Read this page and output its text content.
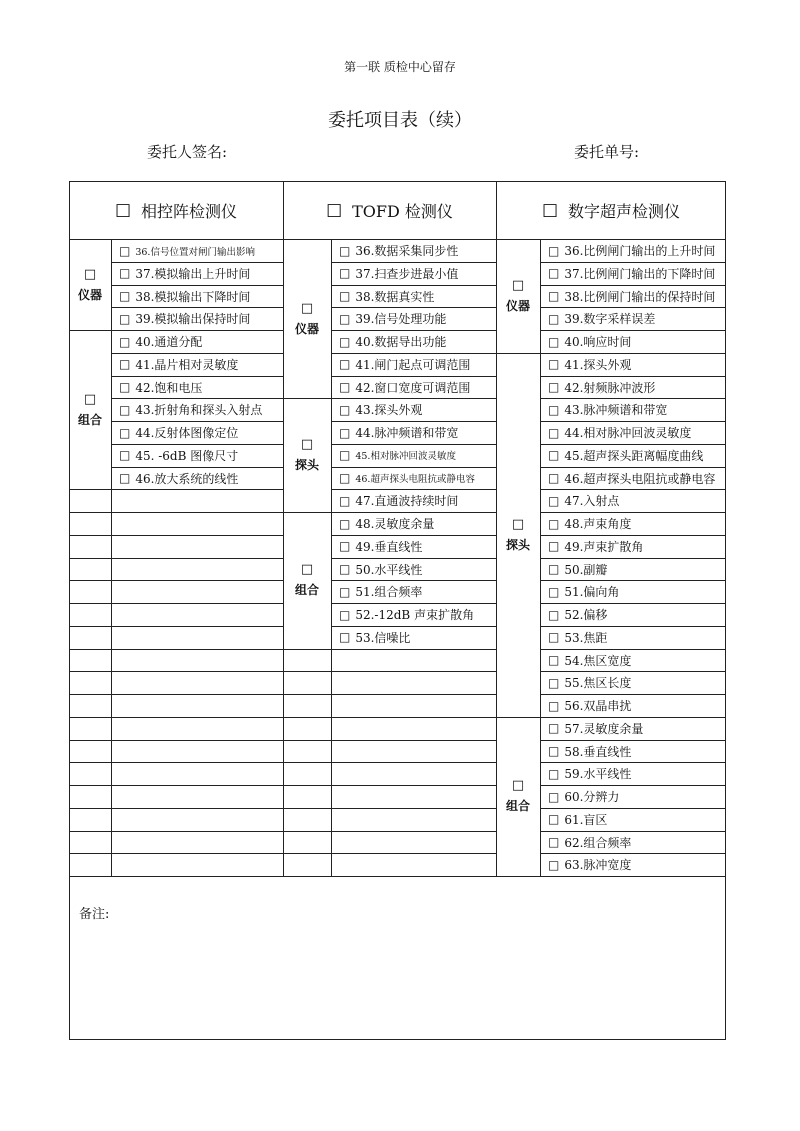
第一联 质检中心留存
委托项目表（续）
委托人签名:	委托单号:
备注:
□ 相控阵检测仪
□
仪器
□
组合
□ 36.信号位置对闸门输出影响
□ 37.模拟输出上升时间
□ 38.模拟输出下降时间
□ 39.模拟输出保持时间
□ 40.通道分配
□ 41.晶片相对灵敏度
□ 42.饱和电压
□ 43.折射角和探头入射点
□ 44.反射体图像定位
□ 45. -6dB 图像尺寸
□ 46.放大系统的线性
□ TOFD 检测仪
□
仪器
□
探头
□
组合
□ 36.数据采集同步性
□ 37.扫查步进最小值
□ 38.数据真实性
□ 39.信号处理功能
□ 40.数据导出功能
□ 41.闸门起点可调范围
□ 42.窗口宽度可调范围
□ 43.探头外观
□ 44.脉冲频谱和带宽
□ 45.相对脉冲回波灵敏度
□ 46.超声探头电阻抗或静电容
□ 47.直通波持续时间
□ 48.灵敏度余量
□ 49.垂直线性
□ 50.水平线性
□ 51.组合频率
□ 52.-12dB 声束扩散角
□ 53.信噪比
□ 数字超声检测仪
□
仪器
□
探头
□
组合
□ 36.比例闸门输出的上升时间
□ 37.比例闸门输出的下降时间
□ 38.比例闸门输出的保持时间
□ 39.数字采样误差
□ 40.响应时间
□ 41.探头外观
□ 42.射频脉冲波形
□ 43.脉冲频谱和带宽
□ 44.相对脉冲回波灵敏度
□ 45.超声探头距离幅度曲线
□ 46.超声探头电阻抗或静电容
□ 47.入射点
□ 48.声束角度
□ 49.声束扩散角
□ 50.副瓣
□ 51.偏向角
□ 52.偏移
□ 53.焦距
□ 54.焦区宽度
□ 55.焦区长度
□ 56.双晶串扰
□ 57.灵敏度余量
□ 58.垂直线性
□ 59.水平线性
□ 60.分辨力
□ 61.盲区
□ 62.组合频率
□ 63.脉冲宽度
